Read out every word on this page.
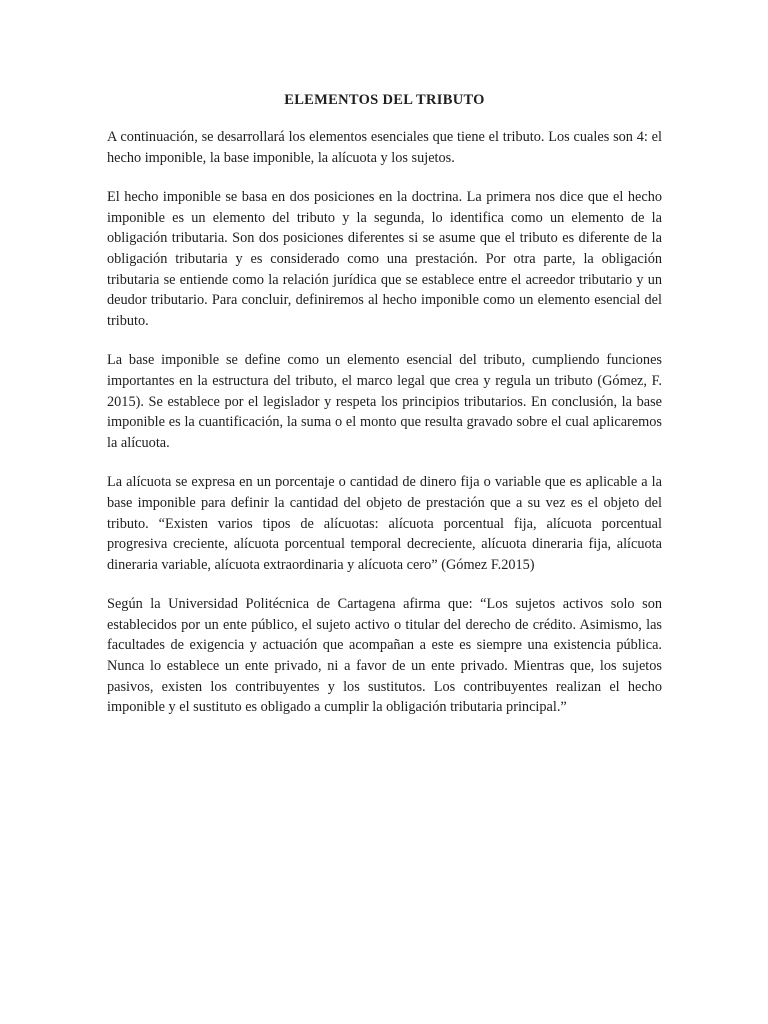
ELEMENTOS DEL TRIBUTO

A continuación, se desarrollará los elementos esenciales que tiene el tributo. Los cuales son 4: el hecho imponible, la base imponible, la alícuota y los sujetos.

El hecho imponible se basa en dos posiciones en la doctrina. La primera nos dice que el hecho imponible es un elemento del tributo y la segunda, lo identifica como un elemento de la obligación tributaria. Son dos posiciones diferentes si se asume que el tributo es diferente de la obligación tributaria y es considerado como una prestación. Por otra parte, la obligación tributaria se entiende como la relación jurídica que se establece entre el acreedor tributario y un deudor tributario. Para concluir, definiremos al hecho imponible como un elemento esencial del tributo.

La base imponible se define como un elemento esencial del tributo, cumpliendo funciones importantes en la estructura del tributo, el marco legal que crea y regula un tributo (Gómez, F. 2015). Se establece por el legislador y respeta los principios tributarios. En conclusión, la base imponible es la cuantificación, la suma o el monto que resulta gravado sobre el cual aplicaremos la alícuota.

La alícuota se expresa en un porcentaje o cantidad de dinero fija o variable que es aplicable a la base imponible para definir la cantidad del objeto de prestación que a su vez es el objeto del tributo. “Existen varios tipos de alícuotas: alícuota porcentual fija, alícuota porcentual progresiva creciente, alícuota porcentual temporal decreciente, alícuota dineraria fija, alícuota dineraria variable, alícuota extraordinaria y alícuota cero” (Gómez F.2015)

Según la Universidad Politécnica de Cartagena afirma que: “Los sujetos activos solo son establecidos por un ente público, el sujeto activo o titular del derecho de crédito. Asimismo, las facultades de exigencia y actuación que acompañan a este es siempre una existencia pública. Nunca lo establece un ente privado, ni a favor de un ente privado. Mientras que, los sujetos pasivos, existen los contribuyentes y los sustitutos. Los contribuyentes realizan el hecho imponible y el sustituto es obligado a cumplir la obligación tributaria principal.”
